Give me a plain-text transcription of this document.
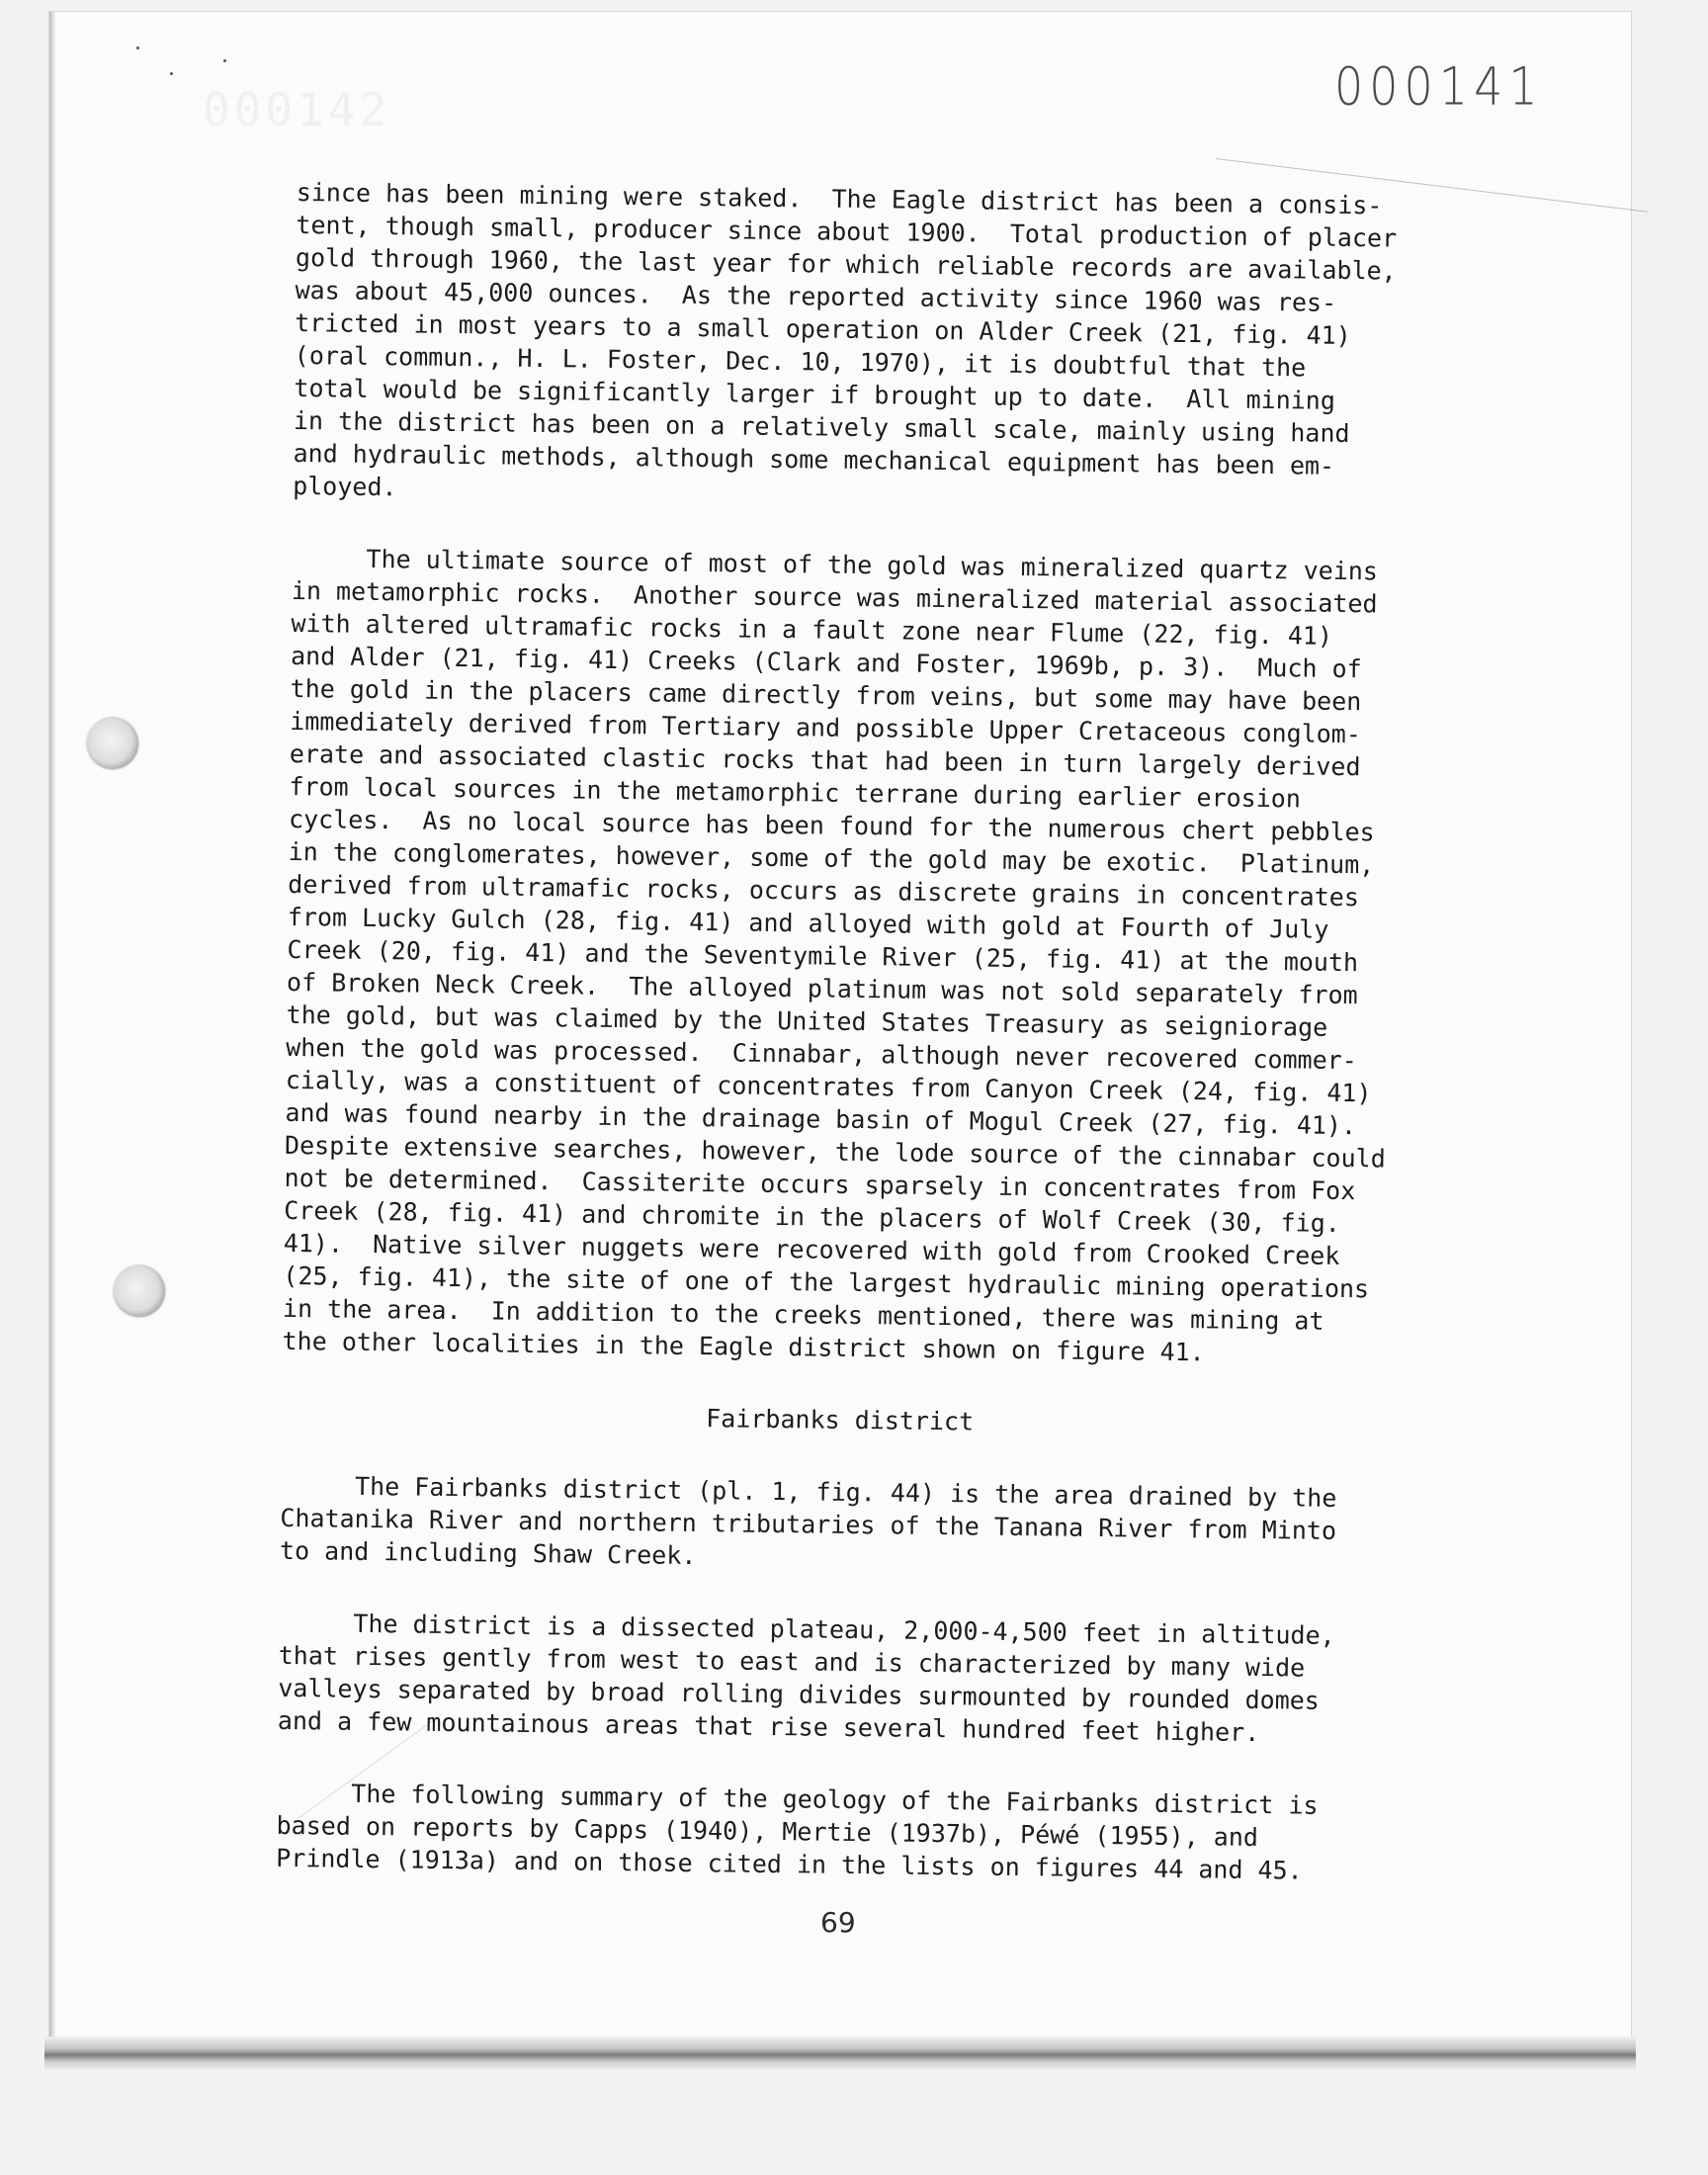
000142	000141

since has been mining were staked.  The Eagle district has been a consis-
tent, though small, producer since about 1900.  Total production of placer
gold through 1960, the last year for which reliable records are available,
was about 45,000 ounces.  As the reported activity since 1960 was res-
tricted in most years to a small operation on Alder Creek (21, fig. 41)
(oral commun., H. L. Foster, Dec. 10, 1970), it is doubtful that the
total would be significantly larger if brought up to date.  All mining
in the district has been on a relatively small scale, mainly using hand
and hydraulic methods, although some mechanical equipment has been em-
ployed.

The ultimate source of most of the gold was mineralized quartz veins
in metamorphic rocks.  Another source was mineralized material associated
with altered ultramafic rocks in a fault zone near Flume (22, fig. 41)
and Alder (21, fig. 41) Creeks (Clark and Foster, 1969b, p. 3).  Much of
the gold in the placers came directly from veins, but some may have been
immediately derived from Tertiary and possible Upper Cretaceous conglom-
erate and associated clastic rocks that had been in turn largely derived
from local sources in the metamorphic terrane during earlier erosion
cycles.  As no local source has been found for the numerous chert pebbles
in the conglomerates, however, some of the gold may be exotic.  Platinum,
derived from ultramafic rocks, occurs as discrete grains in concentrates
from Lucky Gulch (28, fig. 41) and alloyed with gold at Fourth of July
Creek (20, fig. 41) and the Seventymile River (25, fig. 41) at the mouth
of Broken Neck Creek.  The alloyed platinum was not sold separately from
the gold, but was claimed by the United States Treasury as seigniorage
when the gold was processed.  Cinnabar, although never recovered commer-
cially, was a constituent of concentrates from Canyon Creek (24, fig. 41)
and was found nearby in the drainage basin of Mogul Creek (27, fig. 41).
Despite extensive searches, however, the lode source of the cinnabar could
not be determined.  Cassiterite occurs sparsely in concentrates from Fox
Creek (28, fig. 41) and chromite in the placers of Wolf Creek (30, fig.
41).  Native silver nuggets were recovered with gold from Crooked Creek
(25, fig. 41), the site of one of the largest hydraulic mining operations
in the area.  In addition to the creeks mentioned, there was mining at
the other localities in the Eagle district shown on figure 41.

Fairbanks district

The Fairbanks district (pl. 1, fig. 44) is the area drained by the
Chatanika River and northern tributaries of the Tanana River from Minto
to and including Shaw Creek.

The district is a dissected plateau, 2,000-4,500 feet in altitude,
that rises gently from west to east and is characterized by many wide
valleys separated by broad rolling divides surmounted by rounded domes
and a few mountainous areas that rise several hundred feet higher.

The following summary of the geology of the Fairbanks district is
based on reports by Capps (1940), Mertie (1937b), Péwé (1955), and
Prindle (1913a) and on those cited in the lists on figures 44 and 45.

69
